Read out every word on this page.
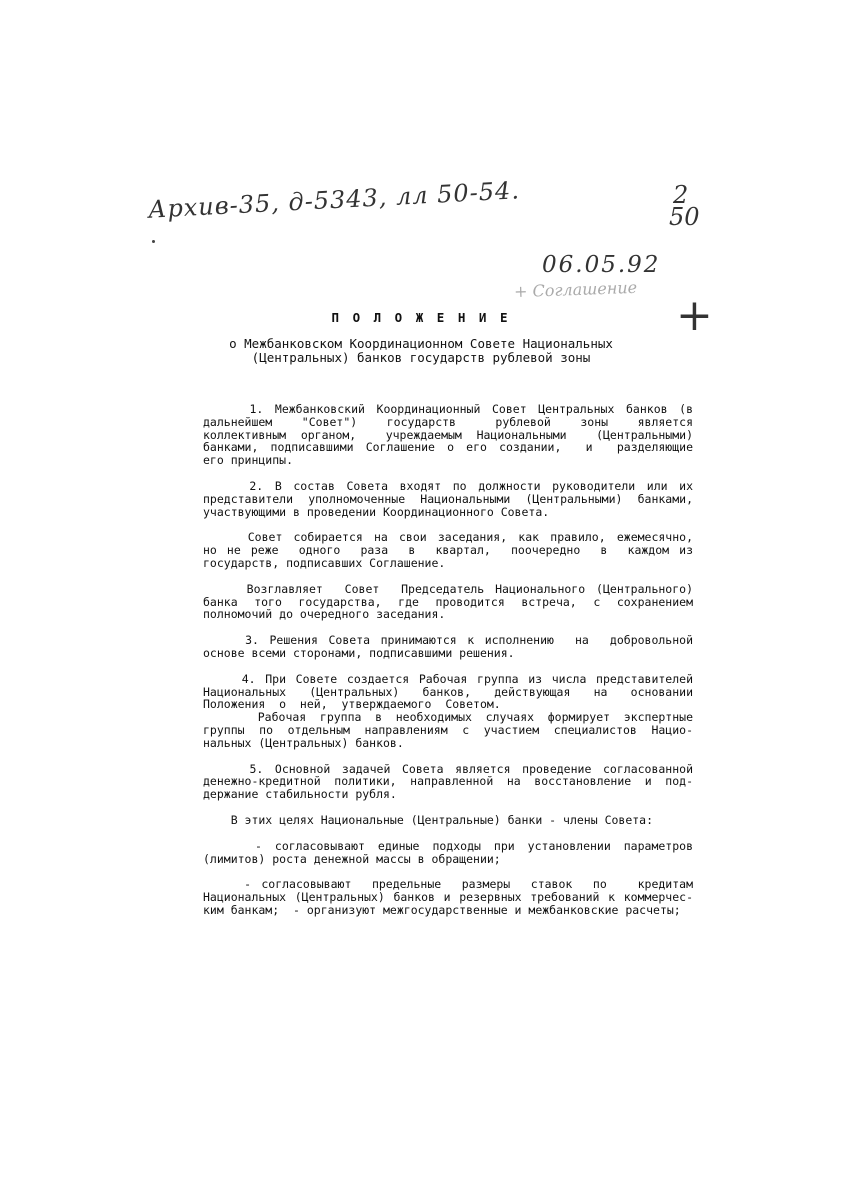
Архив-35, д-5343, лл 50-54.	2
50
06.05.92
+ Соглашение
+
П О Л О Ж Е Н И Е
о Межбанковском Координационном Совете Национальных
(Центральных) банков государств рублевой зоны
1. Межбанковский Координационный Совет Центральных банков (в
дальнейшем   "Совет")   государств    рублевой   зоны   является
коллективным органом,  учреждаемым Национальными  (Центральными)
банками, подписавшими Соглашение о его создании,  и  разделяющие
его принципы.
2. В состав Совета входят по должности руководители или их
представители уполномоченные Национальными (Центральными) банками,
участвующими в проведении Координационного Совета.
Совет собирается на свои заседания, как правило, ежемесячно,
но не реже  одного  раза  в  квартал,  поочередно  в  каждом из
государств, подписавших Соглашение.
Возглавляет  Совет  Председатель Национального (Центрального)
банка того государства, где проводится встреча, с сохранением
полномочий до очередного заседания.
3. Решения Совета принимаются к исполнению  на  добровольной
основе всеми сторонами, подписавшими решения.
4. При Совете создается Рабочая группа из числа представителей
Национальных (Центральных) банков, действующая на основании
Положения  о  ней,  утверждаемого  Советом.
Рабочая группа в необходимых случаях формирует экспертные
группы по отдельным направлениям с участием специалистов Нацио-
нальных (Центральных) банков.
5. Основной задачей Совета является проведение согласованной
денежно-кредитной политики, направленной на восстановление и под-
держание стабильности рубля.
В этих целях Национальные (Центральные) банки - члены Совета:
- согласовывают единые подходы при установлении параметров
(лимитов) роста денежной массы в обращении;
- согласовывают  предельные  размеры  ставок  по   кредитам
Национальных (Центральных) банков и резервных требований к коммерчес-
ким банкам;  - организуют межгосударственные и межбанковские расчеты;
